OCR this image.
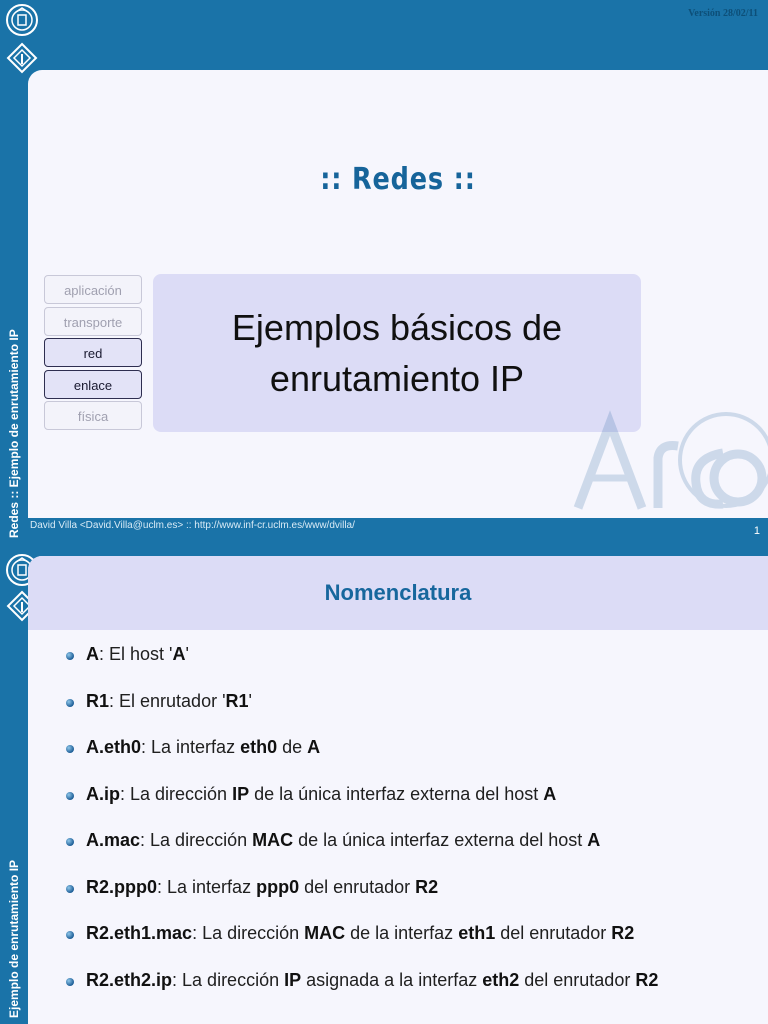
Versión 28/02/11
Redes :: Ejemplo de enrutamiento IP
:: Redes ::
aplicación
transporte
red
enlace
física
Ejemplos básicos de
enrutamiento IP
David Villa <David.Villa@uclm.es> :: http://www.inf-cr.uclm.es/www/dvilla/	1
Ejemplo de enrutamiento IP
Nomenclatura
A: El host 'A'
R1: El enrutador 'R1'
A.eth0: La interfaz eth0 de A
A.ip: La dirección IP de la única interfaz externa del host A
A.mac: La dirección MAC de la única interfaz externa del host A
R2.ppp0: La interfaz ppp0 del enrutador R2
R2.eth1.mac: La dirección MAC de la interfaz eth1 del enrutador R2
R2.eth2.ip: La dirección IP asignada a la interfaz eth2 del enrutador R2
